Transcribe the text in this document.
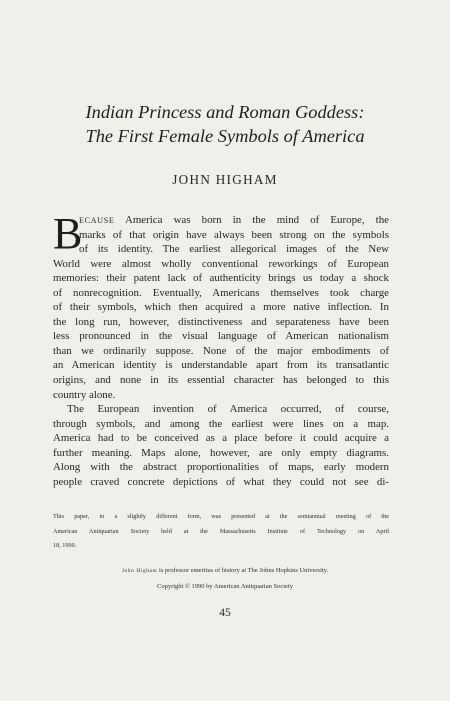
Indian Princess and Roman Goddess:
The First Female Symbols of America
JOHN HIGHAM
B
ECAUSE America was born in the mind of Europe, the
marks of that origin have always been strong on the symbols
of its identity. The earliest allegorical images of the New
World were almost wholly conventional reworkings of European
memories: their patent lack of authenticity brings us today a shock
of nonrecognition. Eventually, Americans themselves took charge
of their symbols, which then acquired a more native inflection. In
the long run, however, distinctiveness and separateness have been
less pronounced in the visual language of American nationalism
than we ordinarily suppose. None of the major embodiments of
an American identity is understandable apart from its transatlantic
origins, and none in its essential character has belonged to this
country alone.
The European invention of America occurred, of course,
through symbols, and among the earliest were lines on a map.
America had to be conceived as a place before it could acquire a
further meaning. Maps alone, however, are only empty diagrams.
Along with the abstract proportionalities of maps, early modern
people craved concrete depictions of what they could not see di-
This paper, in a slightly different form, was presented at the semiannual meeting of the
American Antiquarian Society held at the Massachusetts Institute of Technology on April
18, 1990.
John Higham is professor emeritus of history at The Johns Hopkins University.
Copyright © 1990 by American Antiquarian Society
45
